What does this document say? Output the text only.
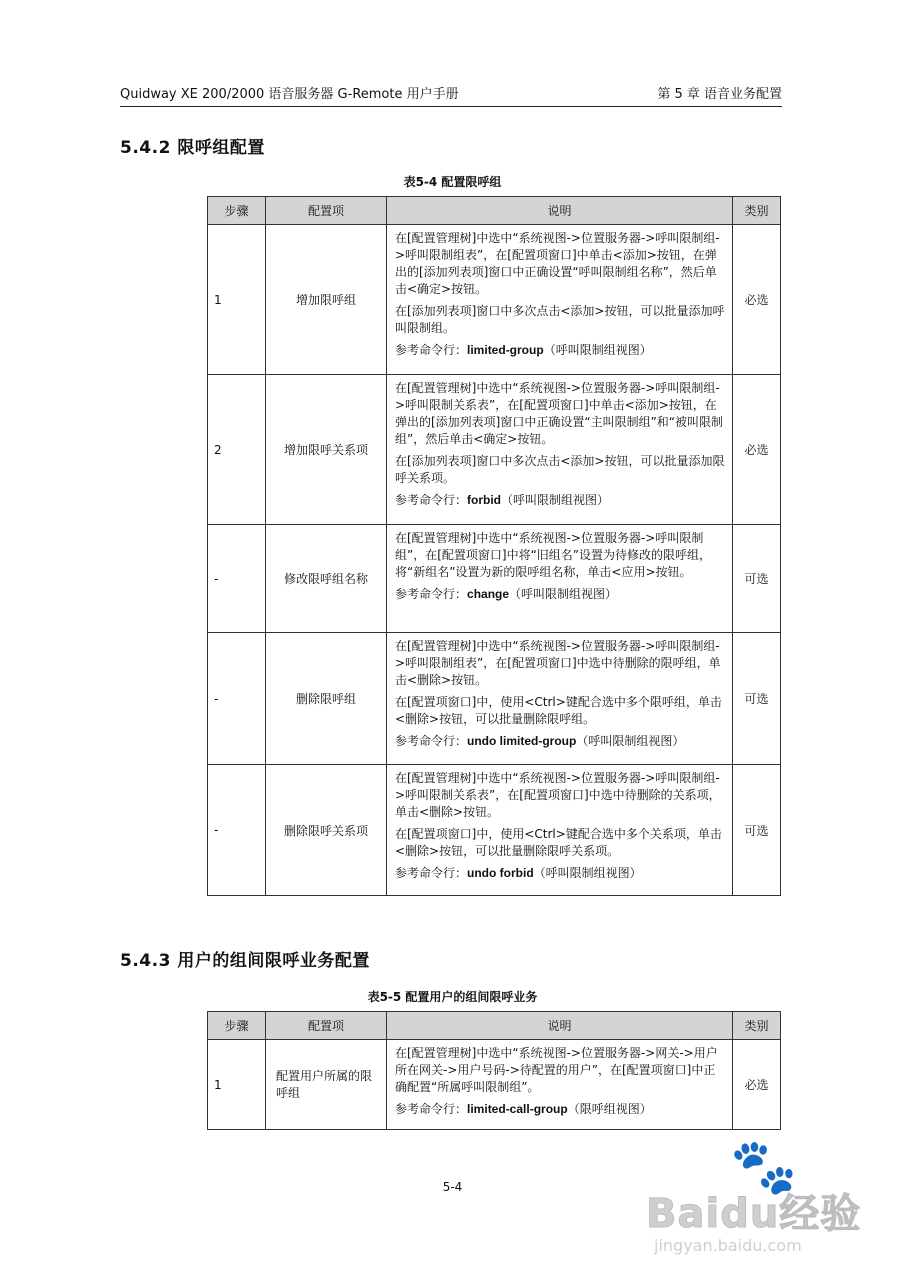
Quidway XE 200/2000 语音服务器 G-Remote 用户手册	第 5 章 语音业务配置
5.4.2 限呼组配置
表5-4 配置限呼组
步骤	配置项	说明	类别
1	增加限呼组	在[配置管理树]中选中“系统视图->位置服务器->呼叫限制组->呼叫限制组表”，在[配置项窗口]中单击<添加>按钮，在弹出的[添加列表项]窗口中正确设置“呼叫限制组名称”，然后单击<确定>按钮。

在[添加列表项]窗口中多次点击<添加>按钮，可以批量添加呼叫限制组。

参考命令行：limited-group（呼叫限制组视图）	必选
2	增加限呼关系项	在[配置管理树]中选中“系统视图->位置服务器->呼叫限制组->呼叫限制关系表”，在[配置项窗口]中单击<添加>按钮，在弹出的[添加列表项]窗口中正确设置“主叫限制组”和“被叫限制组”，然后单击<确定>按钮。

在[添加列表项]窗口中多次点击<添加>按钮，可以批量添加限呼关系项。

参考命令行：forbid（呼叫限制组视图）	必选
-	修改限呼组名称	在[配置管理树]中选中“系统视图->位置服务器->呼叫限制组”，在[配置项窗口]中将“旧组名”设置为待修改的限呼组，将“新组名”设置为新的限呼组名称，单击<应用>按钮。

参考命令行：change（呼叫限制组视图）	可选
-	删除限呼组	在[配置管理树]中选中“系统视图->位置服务器->呼叫限制组->呼叫限制组表”，在[配置项窗口]中选中待删除的限呼组，单击<删除>按钮。

在[配置项窗口]中，使用<Ctrl>键配合选中多个限呼组，单击<删除>按钮，可以批量删除限呼组。

参考命令行：undo limited-group（呼叫限制组视图）	可选
-	删除限呼关系项	在[配置管理树]中选中“系统视图->位置服务器->呼叫限制组->呼叫限制关系表”，在[配置项窗口]中选中待删除的关系项，单击<删除>按钮。

在[配置项窗口]中，使用<Ctrl>键配合选中多个关系项，单击<删除>按钮，可以批量删除限呼关系项。

参考命令行：undo forbid（呼叫限制组视图）	可选
5.4.3 用户的组间限呼业务配置
表5-5 配置用户的组间限呼业务
步骤	配置项	说明	类别
1	配置用户所属的限呼组	在[配置管理树]中选中“系统视图->位置服务器->网关->用户所在网关->用户号码->待配置的用户”，在[配置项窗口]中正确配置“所属呼叫限制组”。

参考命令行：limited-call-group（限呼组视图）	必选
5-4	🐾
Baidu经验
jingyan.baidu.com
